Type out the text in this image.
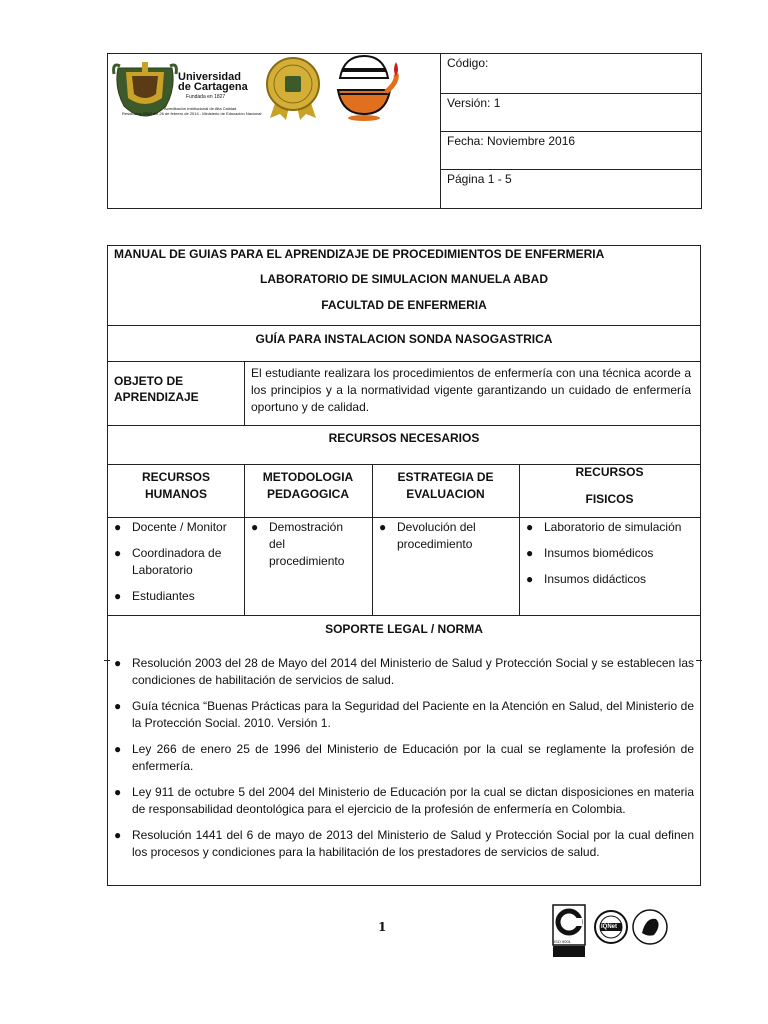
Universidad
de Cartagena
Fundada en 1827
Acreditación Institucional de Alta Calidad
Resolución 2583 del 26 de febrero de 2014 - Ministerio de Educación Nacional
Código:
Versión: 1
Fecha: Noviembre 2016
Página 1 - 5
MANUAL DE GUIAS PARA EL APRENDIZAJE DE PROCEDIMIENTOS DE ENFERMERIA
LABORATORIO DE SIMULACION MANUELA ABAD
FACULTAD DE ENFERMERIA
GUÍA PARA INSTALACION SONDA NASOGASTRICA
OBJETO DE
APRENDIZAJE
El estudiante realizara los procedimientos de enfermería con una técnica acorde a los principios y a la normatividad vigente garantizando un cuidado de enfermería oportuno y de calidad.
RECURSOS NECESARIOS
RECURSOS
HUMANOS
METODOLOGIA
PEDAGOGICA
ESTRATEGIA DE
EVALUACION
RECURSOS
FISICOS
● Docente / Monitor
● Coordinadora de Laboratorio
● Estudiantes
● Demostración del procedimiento
● Devolución del procedimiento
● Laboratorio de simulación
● Insumos biomédicos
● Insumos didácticos
SOPORTE LEGAL / NORMA
● Resolución 2003 del 28 de Mayo del 2014 del Ministerio de Salud y Protección Social y se establecen las condiciones de habilitación de servicios de salud.
● Guía técnica “Buenas Prácticas para la Seguridad del Paciente en la Atención en Salud, del Ministerio de la Protección Social. 2010. Versión 1.
● Ley 266 de enero 25 de 1996 del Ministerio de Educación por la cual se reglamente la profesión de enfermería.
● Ley 911 de octubre 5 del 2004 del Ministerio de Educación por la cual se dictan disposiciones en materia de responsabilidad deontológica para el ejercicio de la profesión de enfermería en Colombia.
● Resolución 1441 del 6 de mayo de 2013 del Ministerio de Salud y Protección Social por la cual definen los procesos y condiciones para la habilitación de los prestadores de servicios de salud.
1
ISO 9001
IQNet
